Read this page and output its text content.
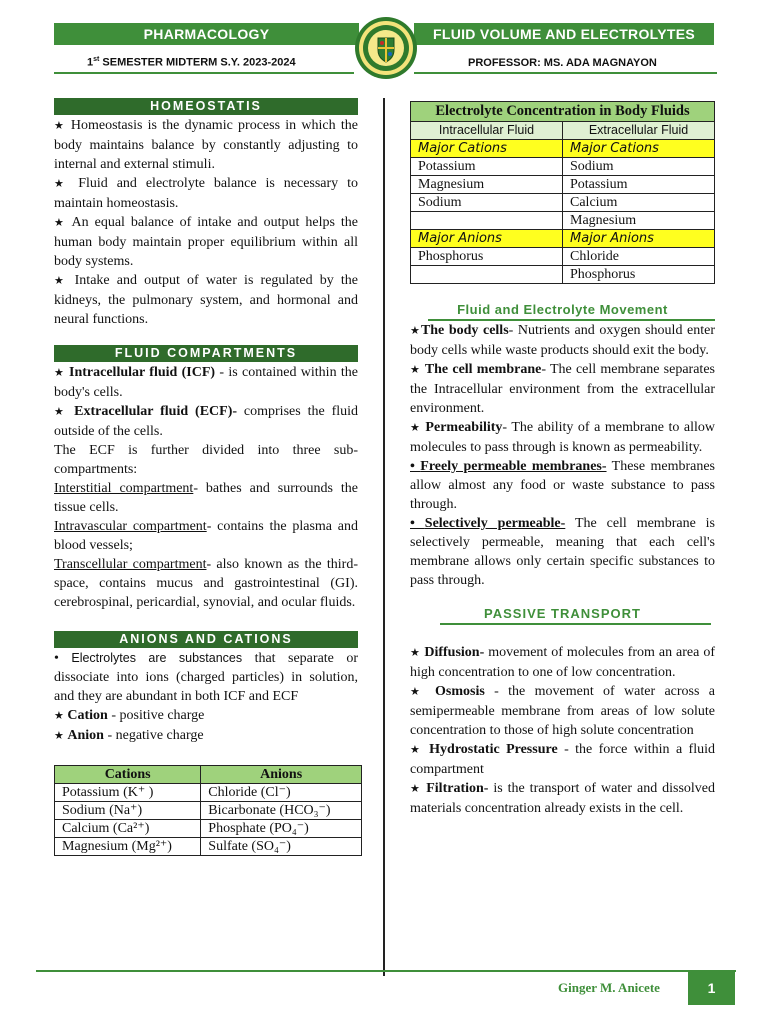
PHARMACOLOGY	FLUID VOLUME AND ELECTROLYTES
1st SEMESTER MIDTERM S.Y. 2023-2024	PROFESSOR: MS. ADA MAGNAYON
HOMEOSTATIS

★ Homeostasis is the dynamic process in which the body maintains balance by constantly adjusting to internal and external stimuli.

★ Fluid and electrolyte balance is necessary to maintain homeostasis.

★ An equal balance of intake and output helps the human body maintain proper equilibrium within all body systems.

★ Intake and output of water is regulated by the kidneys, the pulmonary system, and hormonal and neural functions.

FLUID COMPARTMENTS

★ Intracellular fluid (ICF) - is contained within the body's cells.

★ Extracellular fluid (ECF)- comprises the fluid outside of the cells.

The ECF is further divided into three sub-compartments:

Interstitial compartment- bathes and surrounds the tissue cells.

Intravascular compartment- contains the plasma and blood vessels;

Transcellular compartment- also known as the third-space, contains mucus and gastrointestinal (GI). cerebrospinal, pericardial, synovial, and ocular fluids.

ANIONS AND CATIONS

• Electrolytes are substances that separate or dissociate into ions (charged particles) in solution, and they are abundant in both ICF and ECF

★ Cation - positive charge

★ Anion - negative charge

Cations	Anions
Potassium (K⁺ )	Chloride (Cl⁻)
Sodium (Na⁺)	Bicarbonate (HCO₃⁻)
Calcium (Ca²⁺)	Phosphate (PO₄⁻)
Magnesium (Mg²⁺)	Sulfate (SO₄⁻)
Electrolyte Concentration in Body Fluids	
Intracellular Fluid	Extracellular Fluid
Major Cations	Major Cations
Potassium	Sodium
Magnesium	Potassium
Sodium	Calcium
	Magnesium
Major Anions	Major Anions
Phosphorus	Chloride
	Phosphorus
Fluid and Electrolyte Movement

★The body cells- Nutrients and oxygen should enter body cells while waste products should exit the body.

★ The cell membrane- The cell membrane separates the Intracellular environment from the extracellular environment.

★ Permeability- The ability of a membrane to allow molecules to pass through is known as permeability.

• Freely permeable membranes- These membranes allow almost any food or waste substance to pass through.

• Selectively permeable- The cell membrane is selectively permeable, meaning that each cell's membrane allows only certain specific substances to pass through.

PASSIVE TRANSPORT

★ Diffusion- movement of molecules from an area of high concentration to one of low concentration.

★ Osmosis - the movement of water across a semipermeable membrane from areas of low solute concentration to those of high solute concentration

★ Hydrostatic Pressure - the force within a fluid compartment

★ Filtration- is the transport of water and dissolved materials concentration already exists in the cell.

Ginger M. Anicete	1
